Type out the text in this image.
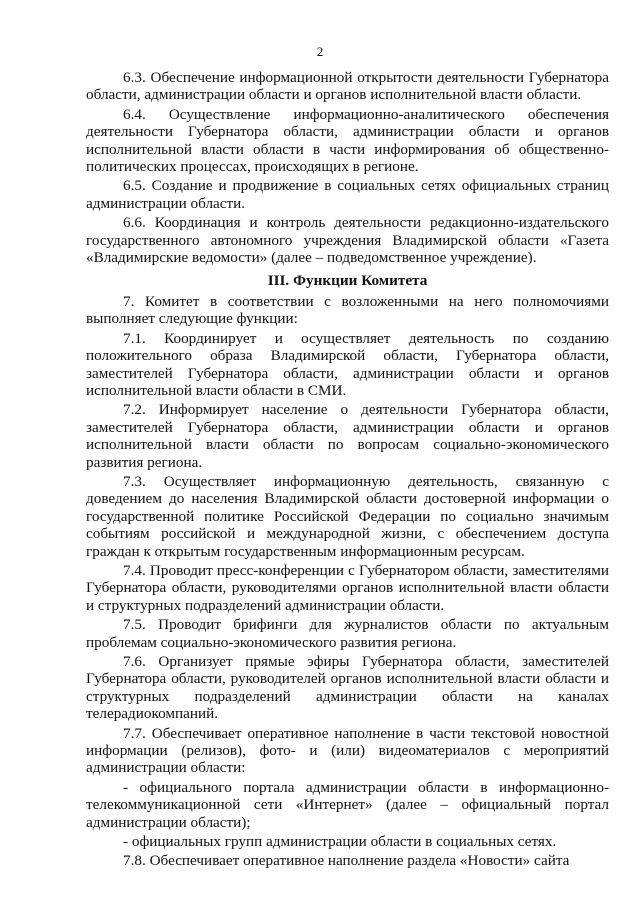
2

6.3. Обеспечение информационной открытости деятельности Губернатора области, администрации области и органов исполнительной власти области.

6.4. Осуществление информационно-аналитического обеспечения деятельности Губернатора области, администрации области и органов исполнительной власти области в части информирования об общественно-политических процессах, происходящих в регионе.

6.5. Создание и продвижение в социальных сетях официальных страниц администрации области.

6.6. Координация и контроль деятельности редакционно-издательского государственного автономного учреждения Владимирской области «Газета «Владимирские ведомости» (далее – подведомственное учреждение).

III. Функции Комитета

7. Комитет в соответствии с возложенными на него полномочиями выполняет следующие функции:

7.1. Координирует и осуществляет деятельность по созданию положительного образа Владимирской области, Губернатора области, заместителей Губернатора области, администрации области и органов исполнительной власти области в СМИ.

7.2. Информирует население о деятельности Губернатора области, заместителей Губернатора области, администрации области и органов исполнительной власти области по вопросам социально-экономического развития региона.

7.3. Осуществляет информационную деятельность, связанную с доведением до населения Владимирской области достоверной информации о государственной политике Российской Федерации по социально значимым событиям российской и международной жизни, с обеспечением доступа граждан к открытым государственным информационным ресурсам.

7.4. Проводит пресс-конференции с Губернатором области, заместителями Губернатора области, руководителями органов исполнительной власти области и структурных подразделений администрации области.

7.5. Проводит брифинги для журналистов области по актуальным проблемам социально-экономического развития региона.

7.6. Организует прямые эфиры Губернатора области, заместителей Губернатора области, руководителей органов исполнительной власти области и структурных подразделений администрации области на каналах телерадиокомпаний.

7.7. Обеспечивает оперативное наполнение в части текстовой новостной информации (релизов), фото- и (или) видеоматериалов с мероприятий администрации области:

- официального портала администрации области в информационно-телекоммуникационной сети «Интернет» (далее – официальный портал администрации области);

- официальных групп администрации области в социальных сетях.

7.8. Обеспечивает оперативное наполнение раздела «Новости» сайта
